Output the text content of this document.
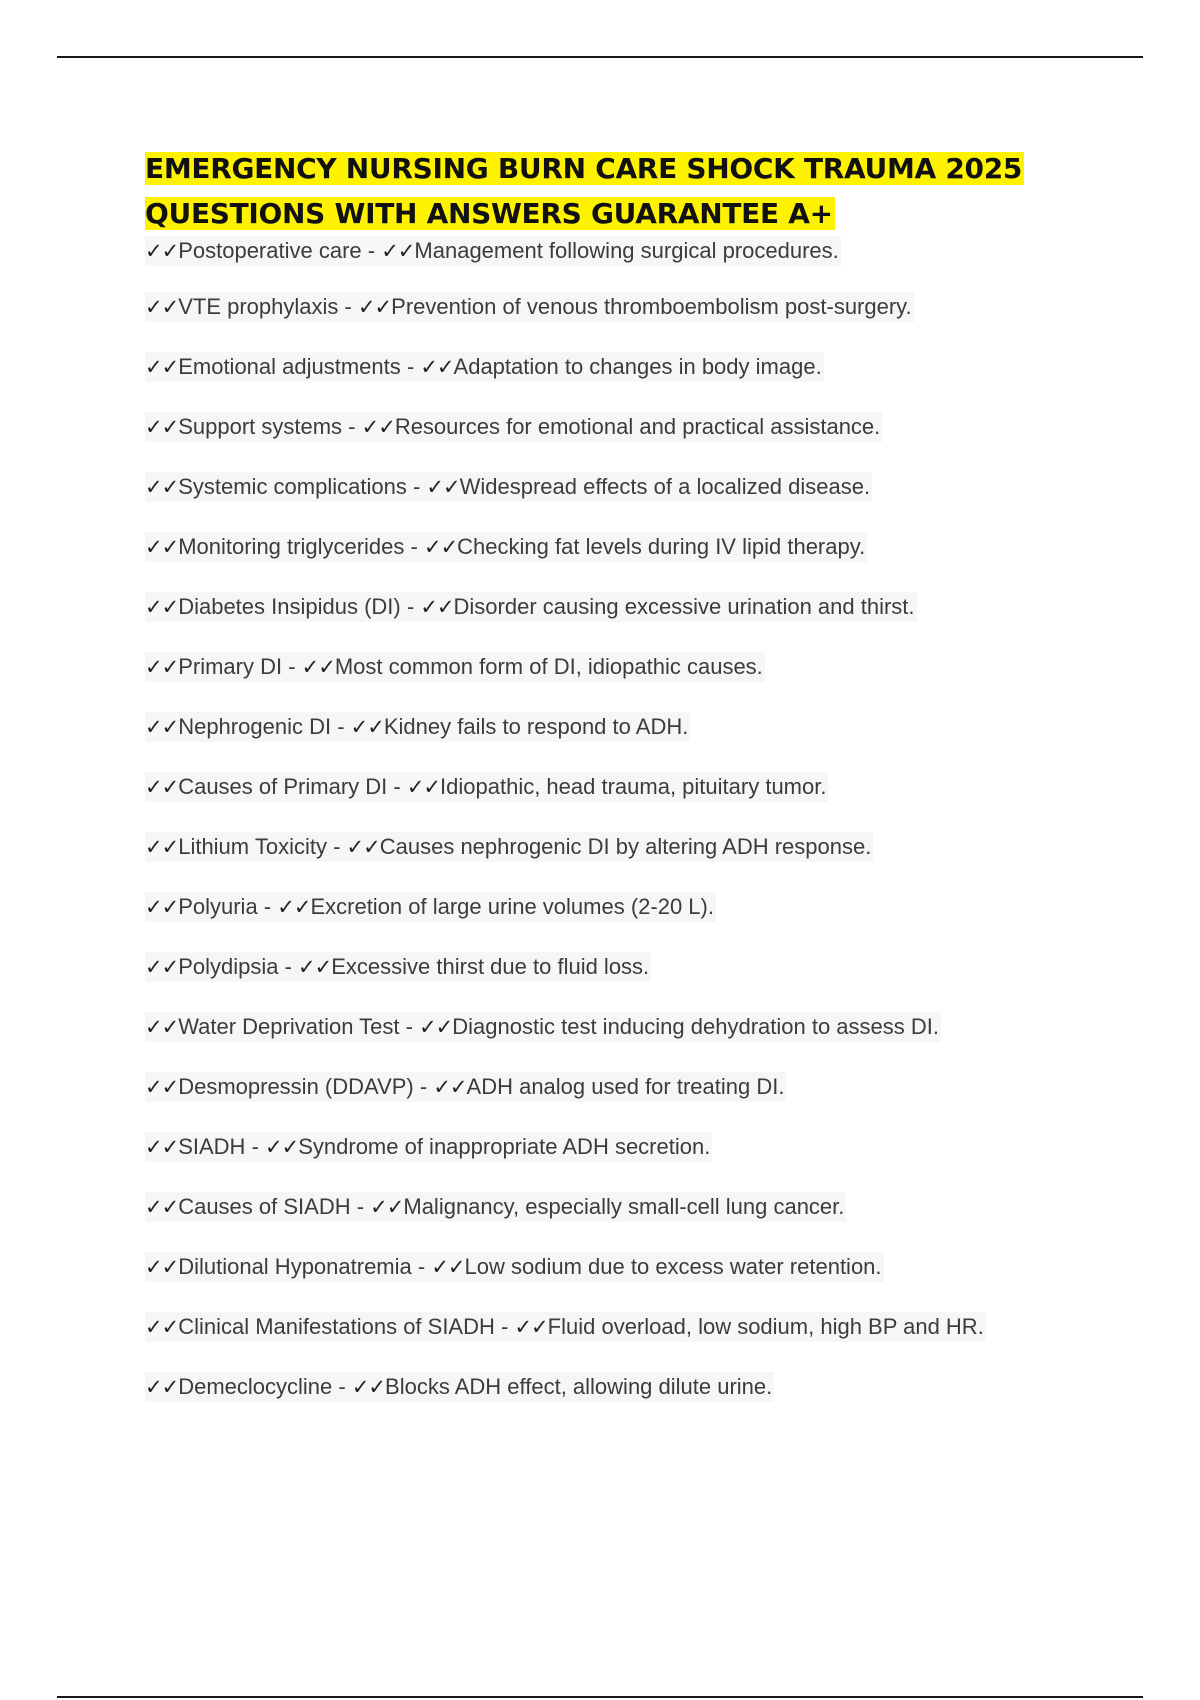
EMERGENCY NURSING BURN CARE SHOCK TRAUMA 2025
QUESTIONS WITH ANSWERS GUARANTEE A+
✓✓Postoperative care - ✓✓Management following surgical procedures.
✓✓VTE prophylaxis - ✓✓Prevention of venous thromboembolism post-surgery.
✓✓Emotional adjustments - ✓✓Adaptation to changes in body image.
✓✓Support systems - ✓✓Resources for emotional and practical assistance.
✓✓Systemic complications - ✓✓Widespread effects of a localized disease.
✓✓Monitoring triglycerides - ✓✓Checking fat levels during IV lipid therapy.
✓✓Diabetes Insipidus (DI) - ✓✓Disorder causing excessive urination and thirst.
✓✓Primary DI - ✓✓Most common form of DI, idiopathic causes.
✓✓Nephrogenic DI - ✓✓Kidney fails to respond to ADH.
✓✓Causes of Primary DI - ✓✓Idiopathic, head trauma, pituitary tumor.
✓✓Lithium Toxicity - ✓✓Causes nephrogenic DI by altering ADH response.
✓✓Polyuria - ✓✓Excretion of large urine volumes (2-20 L).
✓✓Polydipsia - ✓✓Excessive thirst due to fluid loss.
✓✓Water Deprivation Test - ✓✓Diagnostic test inducing dehydration to assess DI.
✓✓Desmopressin (DDAVP) - ✓✓ADH analog used for treating DI.
✓✓SIADH - ✓✓Syndrome of inappropriate ADH secretion.
✓✓Causes of SIADH - ✓✓Malignancy, especially small-cell lung cancer.
✓✓Dilutional Hyponatremia - ✓✓Low sodium due to excess water retention.
✓✓Clinical Manifestations of SIADH - ✓✓Fluid overload, low sodium, high BP and HR.
✓✓Demeclocycline - ✓✓Blocks ADH effect, allowing dilute urine.
